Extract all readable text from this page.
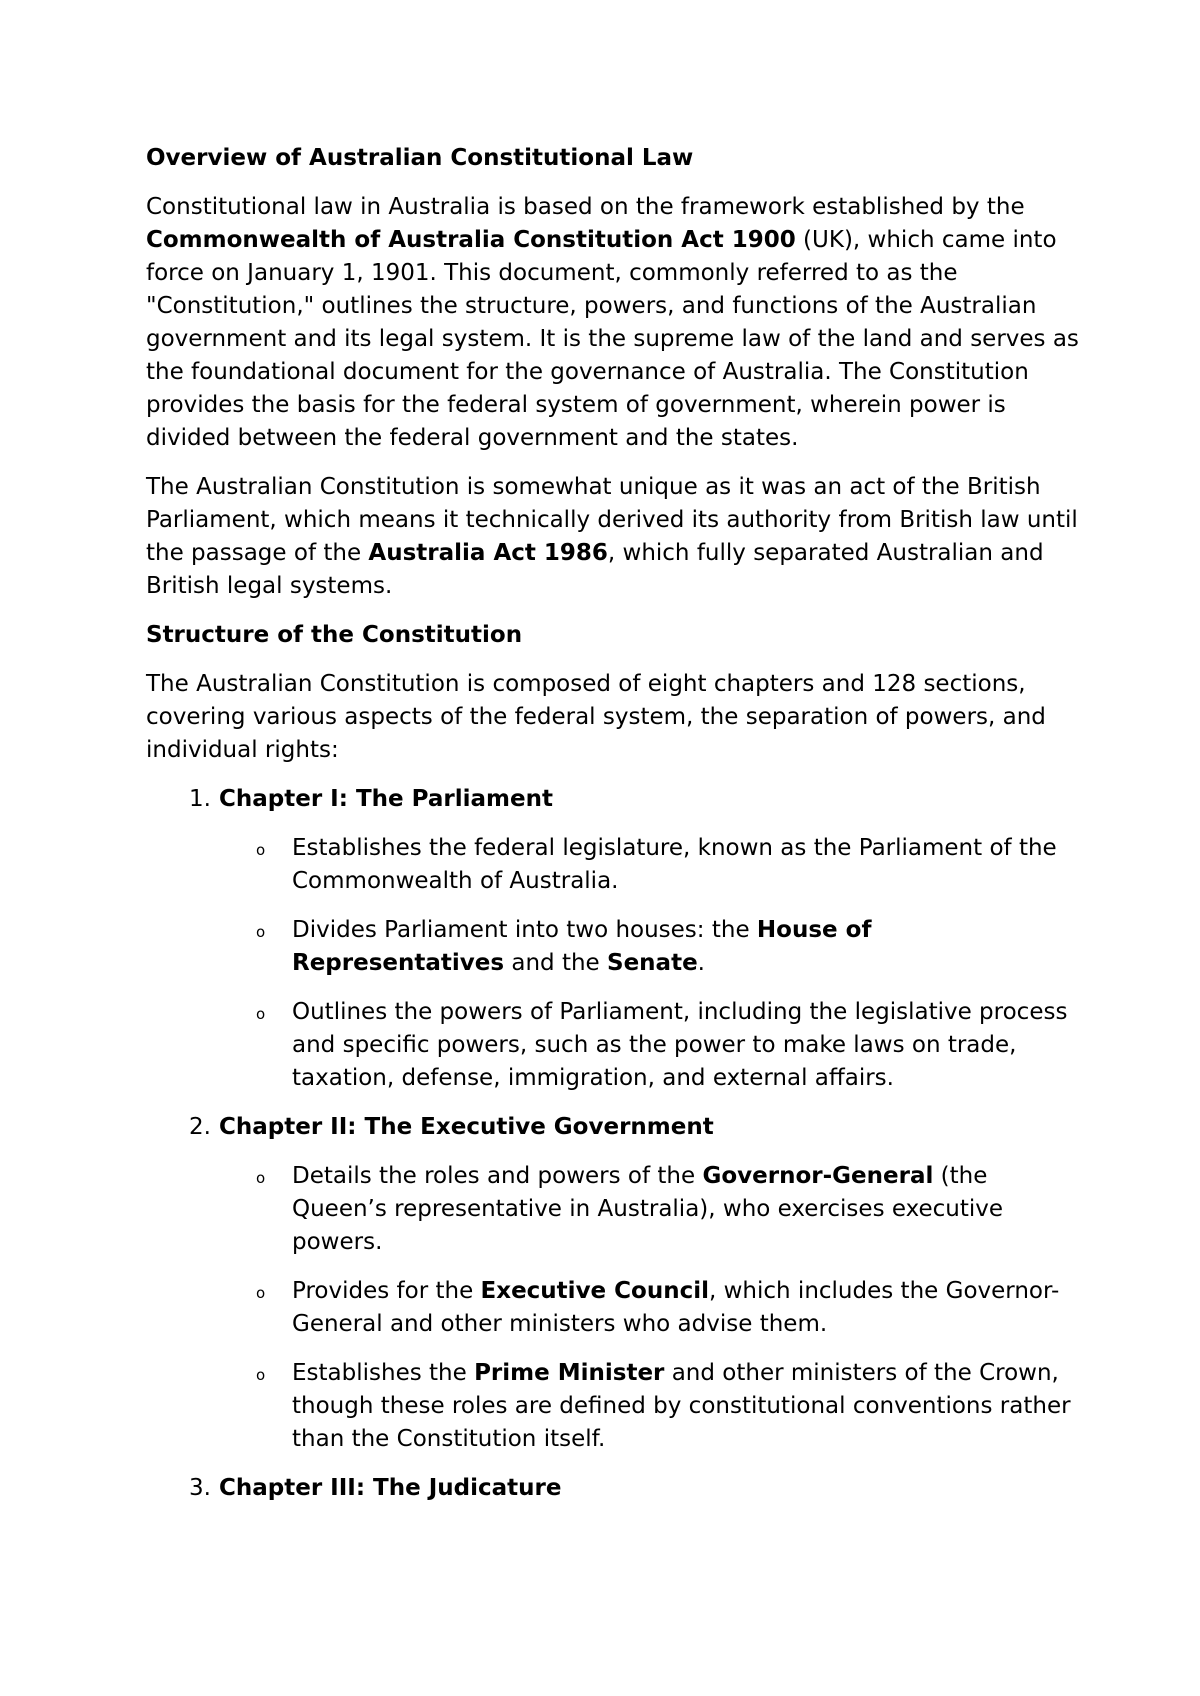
Overview of Australian Constitutional Law

Constitutional law in Australia is based on the framework established by the Commonwealth of Australia Constitution Act 1900 (UK), which came into force on January 1, 1901. This document, commonly referred to as the "Constitution," outlines the structure, powers, and functions of the Australian government and its legal system. It is the supreme law of the land and serves as the foundational document for the governance of Australia. The Constitution provides the basis for the federal system of government, wherein power is divided between the federal government and the states.

The Australian Constitution is somewhat unique as it was an act of the British Parliament, which means it technically derived its authority from British law until the passage of the Australia Act 1986, which fully separated Australian and British legal systems.

Structure of the Constitution

The Australian Constitution is composed of eight chapters and 128 sections, covering various aspects of the federal system, the separation of powers, and individual rights:

1. Chapter I: The Parliament
o Establishes the federal legislature, known as the Parliament of the Commonwealth of Australia.
o Divides Parliament into two houses: the House of Representatives and the Senate.
o Outlines the powers of Parliament, including the legislative process and specific powers, such as the power to make laws on trade, taxation, defense, immigration, and external affairs.
2. Chapter II: The Executive Government
o Details the roles and powers of the Governor-General (the Queen’s representative in Australia), who exercises executive powers.
o Provides for the Executive Council, which includes the Governor-General and other ministers who advise them.
o Establishes the Prime Minister and other ministers of the Crown, though these roles are defined by constitutional conventions rather than the Constitution itself.
3. Chapter III: The Judicature
